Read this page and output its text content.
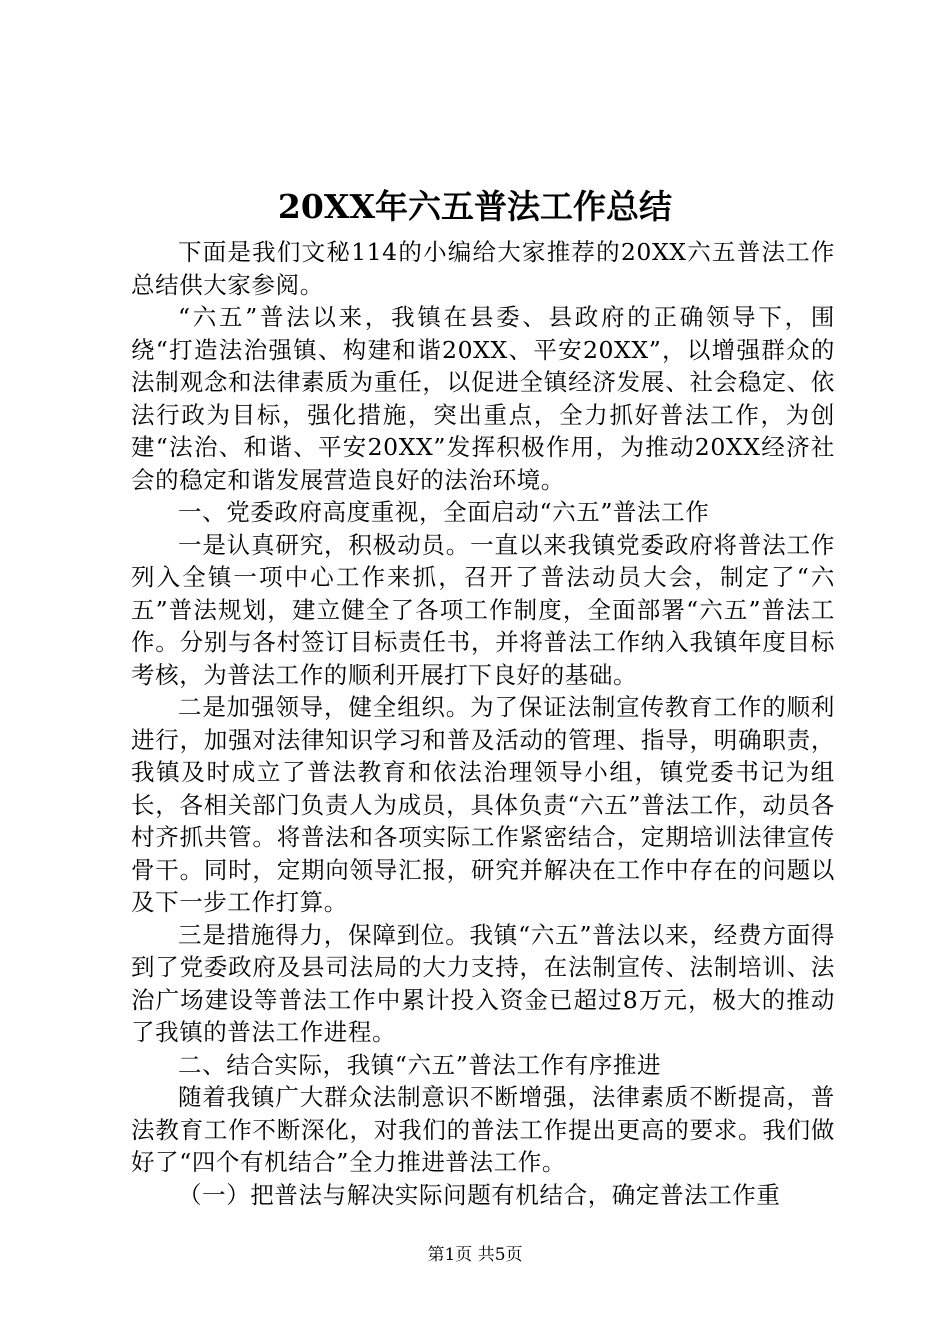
20XX年六五普法工作总结

下面是我们文秘114的小编给大家推荐的20XX六五普法工作总结供大家参阅。

“六五”普法以来，我镇在县委、县政府的正确领导下，围绕“打造法治强镇、构建和谐20XX、平安20XX”，以增强群众的法制观念和法律素质为重任，以促进全镇经济发展、社会稳定、依法行政为目标，强化措施，突出重点，全力抓好普法工作，为创建“法治、和谐、平安20XX”发挥积极作用，为推动20XX经济社会的稳定和谐发展营造良好的法治环境。

一、党委政府高度重视，全面启动“六五”普法工作

一是认真研究，积极动员。一直以来我镇党委政府将普法工作列入全镇一项中心工作来抓，召开了普法动员大会，制定了“六五”普法规划，建立健全了各项工作制度，全面部署“六五”普法工作。分别与各村签订目标责任书，并将普法工作纳入我镇年度目标考核，为普法工作的顺利开展打下良好的基础。

二是加强领导，健全组织。为了保证法制宣传教育工作的顺利进行，加强对法律知识学习和普及活动的管理、指导，明确职责，我镇及时成立了普法教育和依法治理领导小组，镇党委书记为组长，各相关部门负责人为成员，具体负责“六五”普法工作，动员各村齐抓共管。将普法和各项实际工作紧密结合，定期培训法律宣传骨干。同时，定期向领导汇报，研究并解决在工作中存在的问题以及下一步工作打算。

三是措施得力，保障到位。我镇“六五”普法以来，经费方面得到了党委政府及县司法局的大力支持，在法制宣传、法制培训、法治广场建设等普法工作中累计投入资金已超过8万元，极大的推动了我镇的普法工作进程。

二、结合实际，我镇“六五”普法工作有序推进

随着我镇广大群众法制意识不断增强，法律素质不断提高，普法教育工作不断深化，对我们的普法工作提出更高的要求。我们做好了“四个有机结合”全力推进普法工作。

（一）把普法与解决实际问题有机结合，确定普法工作重

第1页 共5页
